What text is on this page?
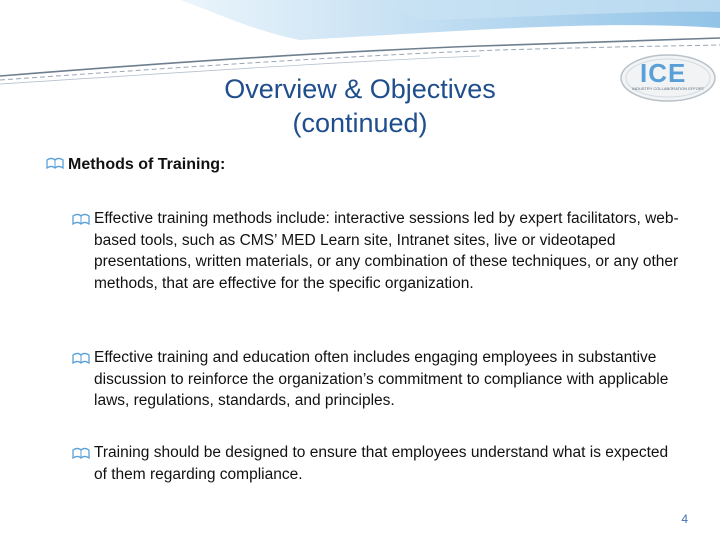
ICE
INDUSTRY COLLABORATION EFFORT
Overview & Objectives
(continued)
Methods of Training:
Effective training methods include: interactive sessions led by expert facilitators, web-based tools, such as CMS’ MED Learn site, Intranet sites, live or videotaped presentations, written materials, or any combination of these techniques, or any other methods, that are effective for the specific organization.
Effective training and education often includes engaging employees in substantive discussion to reinforce the organization’s commitment to compliance with applicable laws, regulations, standards, and principles.
Training should be designed to ensure that employees understand what is expected of them regarding compliance.
4
